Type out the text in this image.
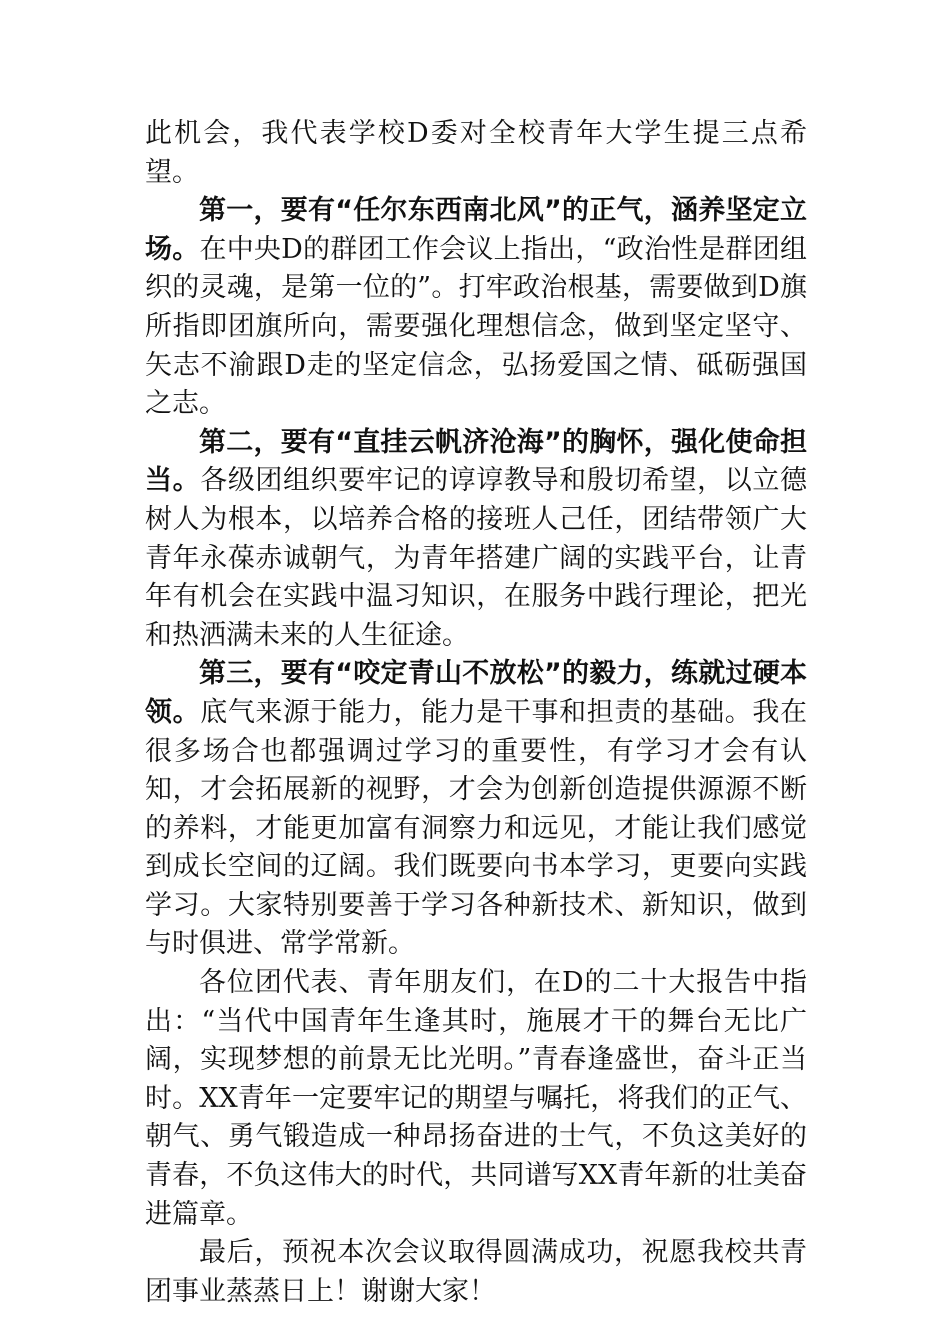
此机会，我代表学校D委对全校青年大学生提三点希望。

第一，要有“任尔东西南北风”的正气，涵养坚定立场。在中央D的群团工作会议上指出，“政治性是群团组织的灵魂，是第一位的”。打牢政治根基，需要做到D旗所指即团旗所向，需要强化理想信念，做到坚定坚守、矢志不渝跟D走的坚定信念，弘扬爱国之情、砥砺强国之志。

第二，要有“直挂云帆济沧海”的胸怀，强化使命担当。各级团组织要牢记的谆谆教导和殷切希望，以立德树人为根本，以培养合格的接班人己任，团结带领广大青年永葆赤诚朝气，为青年搭建广阔的实践平台，让青年有机会在实践中温习知识，在服务中践行理论，把光和热洒满未来的人生征途。

第三，要有“咬定青山不放松”的毅力，练就过硬本领。底气来源于能力，能力是干事和担责的基础。我在很多场合也都强调过学习的重要性，有学习才会有认知，才会拓展新的视野，才会为创新创造提供源源不断的养料，才能更加富有洞察力和远见，才能让我们感觉到成长空间的辽阔。我们既要向书本学习，更要向实践学习。大家特别要善于学习各种新技术、新知识，做到与时俱进、常学常新。

各位团代表、青年朋友们，在D的二十大报告中指出：“当代中国青年生逢其时，施展才干的舞台无比广阔，实现梦想的前景无比光明。”青春逢盛世，奋斗正当时。XX青年一定要牢记的期望与嘱托，将我们的正气、朝气、勇气锻造成一种昂扬奋进的士气，不负这美好的青春，不负这伟大的时代，共同谱写XX青年新的壮美奋进篇章。

最后，预祝本次会议取得圆满成功，祝愿我校共青团事业蒸蒸日上！谢谢大家！
